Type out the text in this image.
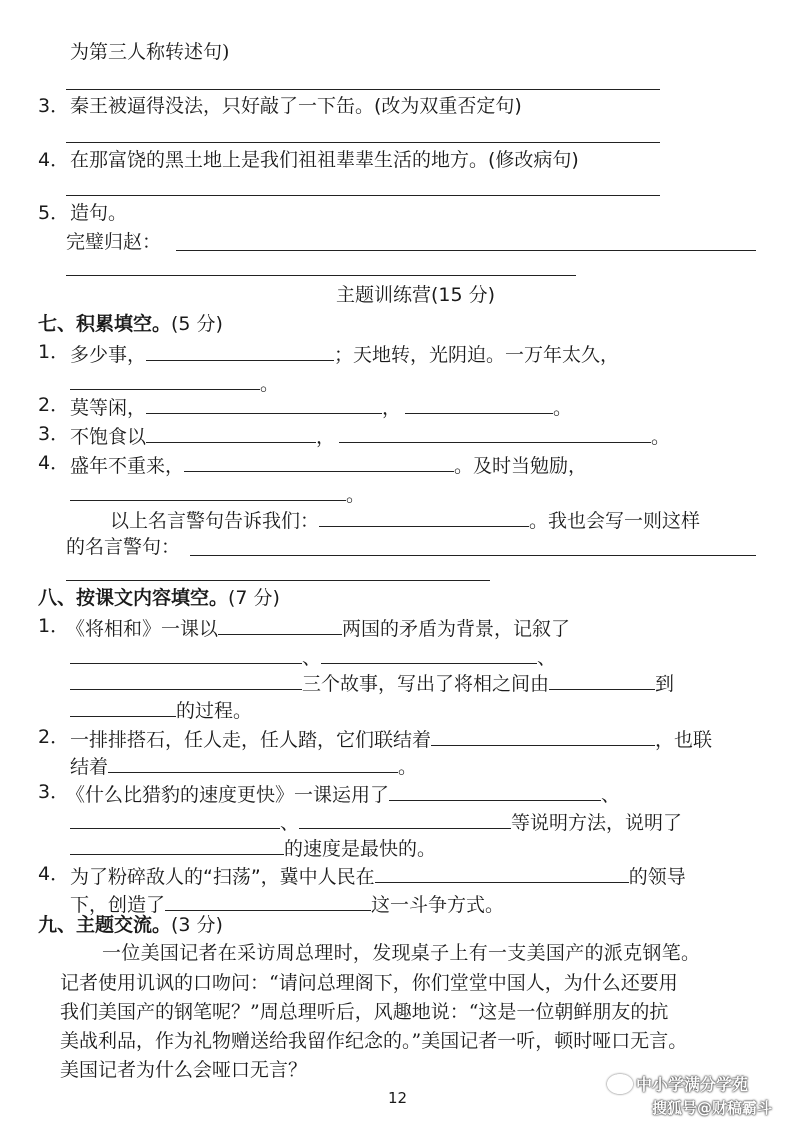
为第三人称转述句)
3． 秦王被逼得没法，只好敲了一下缶。(改为双重否定句)
4． 在那富饶的黑土地上是我们祖祖辈辈生活的地方。(修改病句)
5． 造句。
完璧归赵：
主题训练营(15 分)
七、积累填空。(5 分)
1． 多少事，	；天地转，光阴迫。一万年太久，
。
2． 莫等闲，	，	。
3． 不饱食以	，	。
4． 盛年不重来，	。及时当勉励，
。
以上名言警句告诉我们：	。我也会写一则这样
的名言警句：
八、按课文内容填空。(7 分)
1．
《将相和》一课以	两国的矛盾为背景，记叙了
、	、
三个故事，写出了将相之间由	到
的过程。
2． 一排排搭石，任人走，任人踏，它们联结着	，也联
结着	。
3．
《什么比猎豹的速度更快》一课运用了	、
、	等说明方法，说明了
的速度是最快的。
4． 为了粉碎敌人的“扫荡”，冀中人民在	的领导
下，创造了	这一斗争方式。
九、主题交流。(3 分)
一位美国记者在采访周总理时，发现桌子上有一支美国产的派克钢笔。
记者使用讥讽的口吻问：“请问总理阁下，你们堂堂中国人，为什么还要用
我们美国产的钢笔呢？”周总理听后，风趣地说：“这是一位朝鲜朋友的抗
美战利品，作为礼物赠送给我留作纪念的。”美国记者一听，顿时哑口无言。
美国记者为什么会哑口无言？
12
中小学满分学苑
搜狐号@财稿霸斗
